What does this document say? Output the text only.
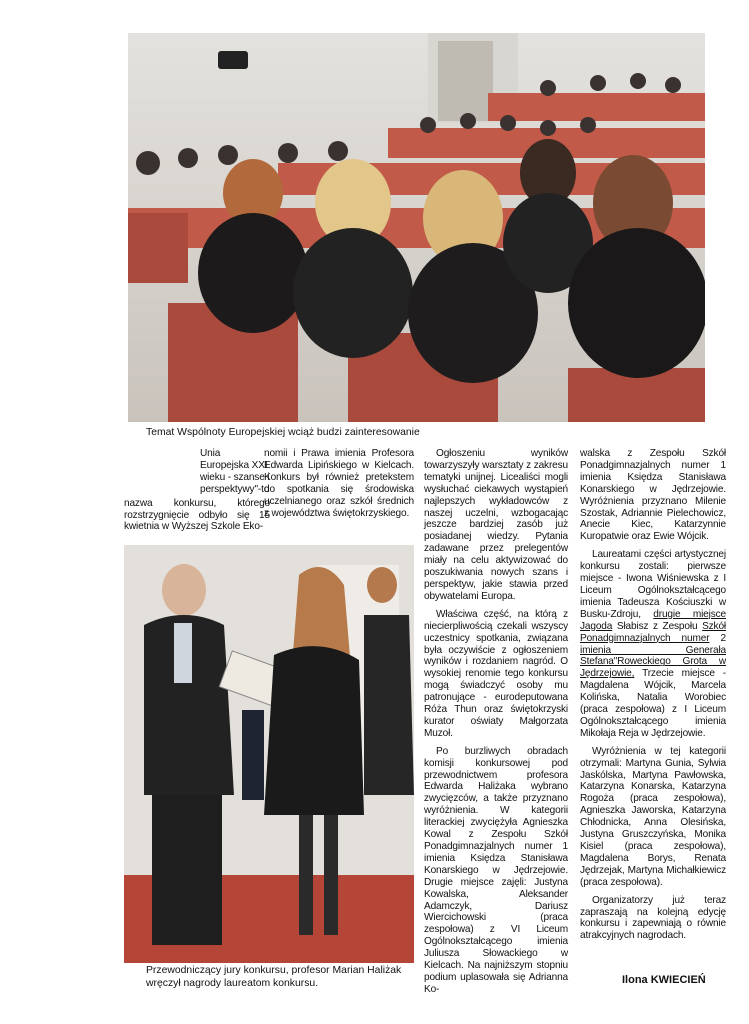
Temat Wspólnoty Europejskiej wciąż budzi zainteresowanie

Unia Europejska XXI wieku - szanse i perspektywy"-to

nazwa konkursu, którego rozstrzygnięcie odbyło się 15 kwietnia w Wyższej Szkole Eko-

nomii i Prawa imienia Profesora Edwarda Lipińskiego w Kielcach. Konkurs był również pretekstem do spotkania się środowiska uczelnianego oraz szkół średnich z województwa świętokrzyskiego.

Przewodniczący jury konkursu, profesor Marian Haliżak wręczył nagrody laureatom konkursu.

Ogłoszeniu wyników towarzyszyły warsztaty z zakresu tematyki unijnej. Licealiści mogli wysłuchać ciekawych wystąpień najlepszych wykładowców z naszej uczelni, wzbogacając jeszcze bardziej zasób już posiadanej wiedzy. Pytania zadawane przez prelegentów miały na celu aktywizować do poszukiwania nowych szans i perspektyw, jakie stawia przed obywatelami Europa.

Właściwa część, na którą z niecierpliwością czekali wszyscy uczestnicy spotkania, związana była oczywiście z ogłoszeniem wyników i rozdaniem nagród. O wysokiej renomie tego konkursu mogą świadczyć osoby mu patronujące - eurodeputowana Róża Thun oraz świętokrzyski kurator oświaty Małgorzata Muzoł.

Po burzliwych obradach komisji konkursowej pod przewodnictwem profesora Edwarda Haliżaka wybrano zwycięzców, a także przyznano wyróżnienia. W kategorii literackiej zwyciężyła Agnieszka Kowal z Zespołu Szkół Ponadgimnazjalnych numer 1 imienia Księdza Stanisława Konarskiego w Jędrzejowie. Drugie miejsce zajęli: Justyna Kowalska, Aleksander Adamczyk, Dariusz Wiercichowski (praca zespołowa) z VI Liceum Ogólnokształcącego imienia Juliusza Słowackiego w Kielcach. Na najniższym stopniu podium uplasowała się Adrianna Ko-

walska z Zespołu Szkół Ponadgimnazjalnych numer 1 imienia Księdza Stanisława Konarskiego w Jędrzejowie. Wyróżnienia przyznano Milenie Szostak, Adriannie Pielechowicz, Anecie Kiec, Katarzynnie Kuropatwie oraz Ewie Wójcik.

Laureatami części artystycznej konkursu zostali: pierwsze miejsce - Iwona Wiśniewska z I Liceum Ogólnokształcącego imienia Tadeusza Kościuszki w Busku-Zdroju, drugie miejsce Jagoda Słabisz z Zespołu Szkół Ponadgimnazjalnych numer 2 imienia Generała Stefana"Roweckiego Grota w Jędrzejowie, Trzecie miejsce - Magdalena Wójcik, Marcela Kolińska, Natalia Worobiec (praca zespołowa) z I Liceum Ogólnokształcącego imienia Mikołaja Reja w Jędrzejowie.

Wyróżnienia w tej kategorii otrzymali: Martyna Gunia, Sylwia Jaskólska, Martyna Pawłowska, Katarzyna Konarska, Katarzyna Rogoża (praca zespołowa), Agnieszka Jaworska, Katarzyna Chłodnicka, Anna Olesińska, Justyna Gruszczyńska, Monika Kisiel (praca zespołowa), Magdalena Borys, Renata Jędrzejak, Martyna Michałkiewicz (praca zespołowa).

Organizatorzy już teraz zapraszają na kolejną edycję konkursu i zapewniają o równie atrakcyjnych nagrodach.

Ilona KWIECIEŃ
